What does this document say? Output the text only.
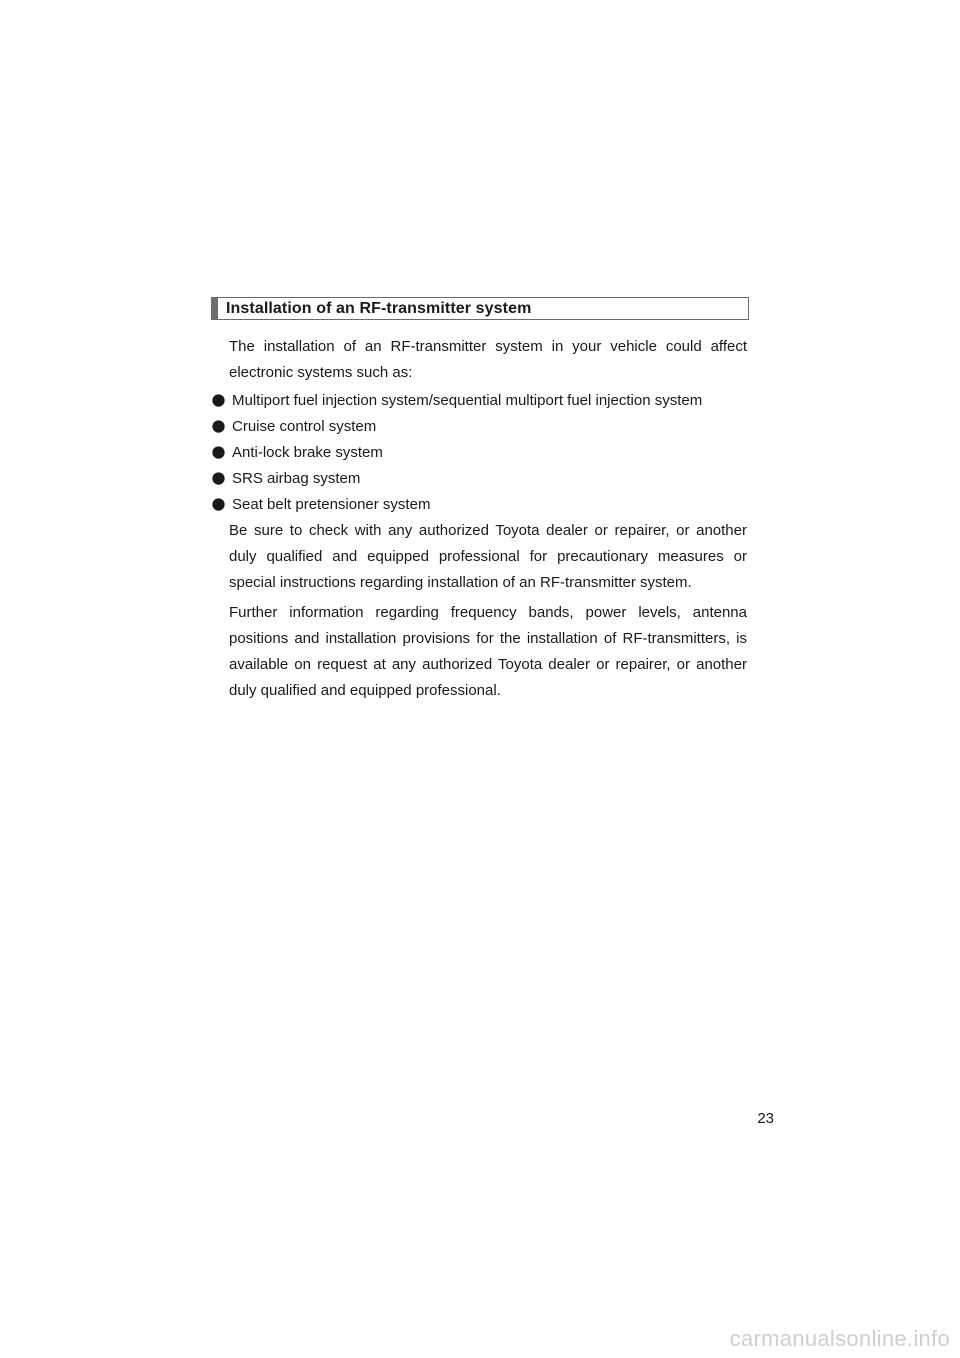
Installation of an RF-transmitter system

The installation of an RF-transmitter system in your vehicle could affect electronic systems such as:

Multiport fuel injection system/sequential multiport fuel injection system
Cruise control system
Anti-lock brake system
SRS airbag system
Seat belt pretensioner system

Be sure to check with any authorized Toyota dealer or repairer, or another duly qualified and equipped professional for precautionary measures or special instructions regarding installation of an RF-transmitter system.

Further information regarding frequency bands, power levels, antenna positions and installation provisions for the installation of RF-transmitters, is available on request at any authorized Toyota dealer or repairer, or another duly qualified and equipped professional.

23
carmanualsonline.info
